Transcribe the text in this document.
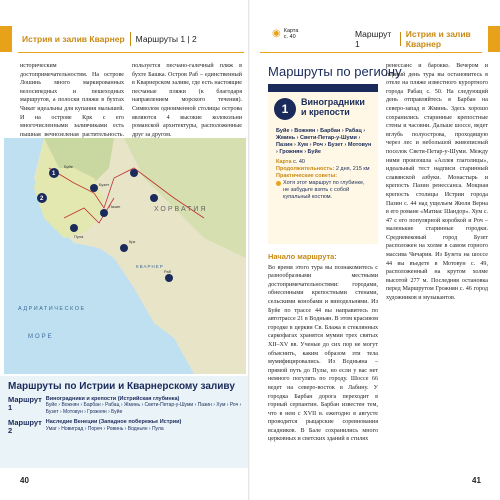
Истрия и залив Кварнер Маршруты 1 | 2

историческим достопримечательностям. На острове Лошинь много маркированных велосипедных и пешеходных маршрутов, а полоски пляжи в бухтах Чикат идеальны для купания малышей. И на острове Крк с его многочисленными заливчиками есть пышная вечнозеленая растительность.

пользуется песчано-галечный пляж в бухте Башка. Остров Раб – единственный в Кварнерском заливе, где есть настоящие песчаные пляжи (к благодаря направлением морского течения). Символом одноименной столицы острова являются 4 высокие колокольни романской архитектуры, расположенные друг за другом.

1
2
Буйе
Бузет
Пазин
Пула
Крк
Раб
ХОРВАТИЯ
АДРИАТИЧЕСКОЕ
МОРЕ
КВАРНЕР
Маршруты по Истрии и Кварнерскому заливу
Маршрут
1
Виноградники и крепости (Истрийская глубинка)
Буйе › Вожнян › Барбан › Рабац › Жминь › Свети-Петар-у-Шуми › Пазин › Хум › Роч › Бузет › Мотовун › Грожнян › Буйе
Маршрут
2
Наследие Венеции (Западное побережье Истрии)
Умаг › Новиград › Пореч › Ровинь › Водньян › Пула
40
◉ Карта
с. 40	Маршрут 1
Истрия и залив Кварнер
Маршруты по региону
1	Виноградники
и крепости
Буйе › Вожнян › Барбан › Рабац › Жминь › Свети-Петар-у-Шуми › Пазин › Хум › Роч › Бузет › Мотовун › Грожнян › Буйе
Карта с. 40
Продолжительность: 2 дня, 215 км
Практические советы:
Хотя этот маршрут по глубинке, не забудьте взять с собой купальный костюм.
Начало маршрута:

Во время этого тура вы познакомитесь с разнообразными местными достопримечательностями: городами, обнесенными крепостными стенами, сельскими конобами и винодельнями. Из Буйе по трассе 44 вы направитесь по автотрассе 21 в Водньян. В этом красивом городке в церкви Св. Блажа в стеклянных саркофагах хранятся мумии трех святых XII–XV вв. Ученые до сих пор не могут объяснить, каким образом эти тела мумифицировались. Из Водньяна – прямой путь до Пулы, но если у вас нет немного погулять по городу. Шоссе 66 ведет на северо-восток в Лабину. У городка Барбан дорога переходит в горный серпантин. Барбан известен тем, что в нем с XVII в. ежегодно в августе проводятся рыцарские соревнования всадников. В Бале сохранились много церковных и светских зданий в стилях

ренессанс и барокко. Вечером и первый день тура вы остановитесь в отеле на пляже известного курортного города Рабац с. 50. На следующий день отправляйтесь в Барбан на северо-запад в Жминь. Здесь хорошо сохранились старинные крепостные стены и часовни. Дальше шоссе, ведет вглубь полуострова, проходящую через лес и небольшой живописный поселок Свети-Петар-у-Шуми. Между ними произошла «Аллея глаголицы», идеальный тест надписи старинный славянской азбуки. Монастырь и крепость Пазин ренессанса. Мощная крепость столицы Истрии города Пазин с. 44 над ущельем Жюля Верна в его романе «Матиас Шандор». Хум с. 47 с его популярной коробкой и Роч – маленькие старинные городки. Средневековый город Бузет расположен на холме в самом горного массива Чичария. Из Бузета на шоссе 44 вы въедете в Мотовун с. 49, расположенный на крутом холме высотой 277 м. Последняя остановка перед Маршрутом Грожнян с. 46 город художников и музыкантов.

41
